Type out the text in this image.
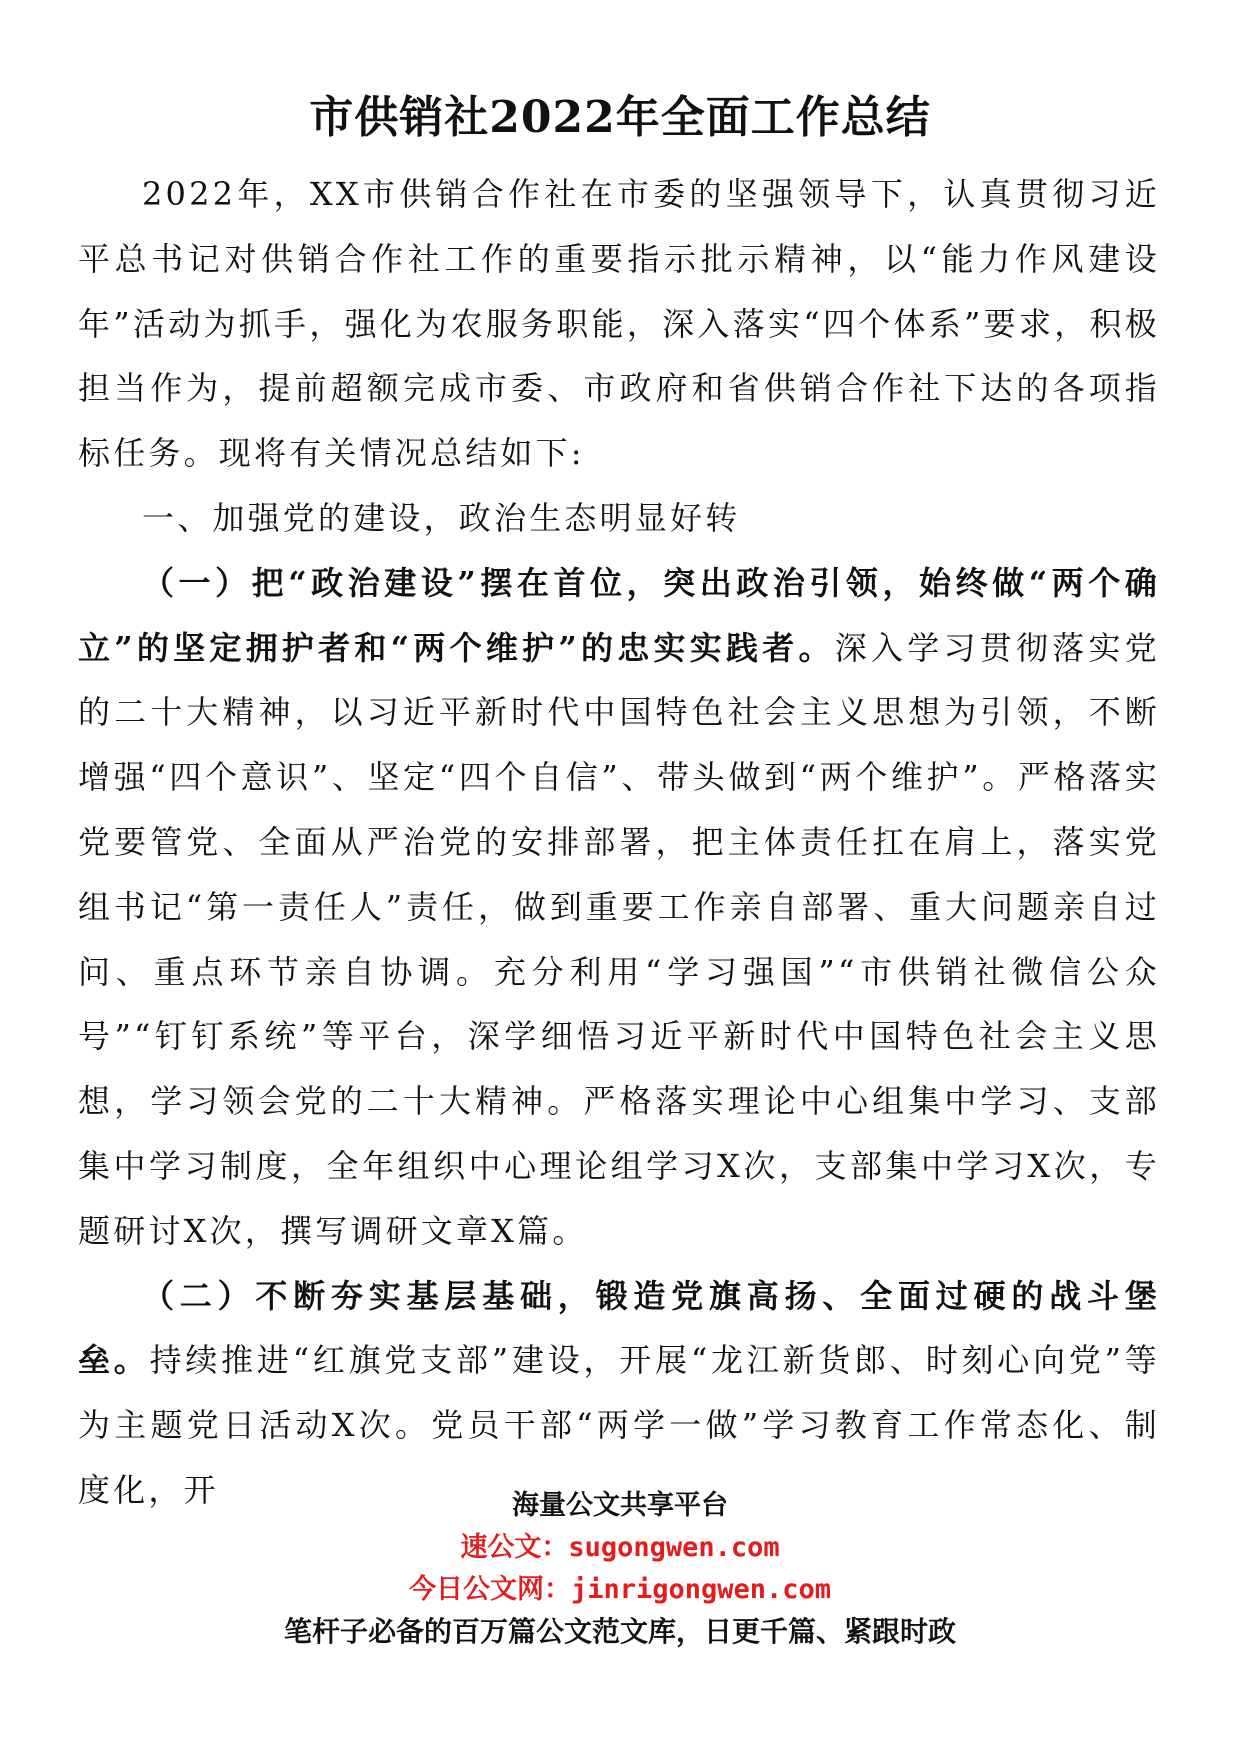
市供销社2022年全面工作总结

2022年，XX市供销合作社在市委的坚强领导下，认真贯彻习近平总书记对供销合作社工作的重要指示批示精神，以“能力作风建设年”活动为抓手，强化为农服务职能，深入落实“四个体系”要求，积极担当作为，提前超额完成市委、市政府和省供销合作社下达的各项指标任务。现将有关情况总结如下:

一、加强党的建设，政治生态明显好转

（一）把“政治建设”摆在首位，突出政治引领，始终做“两个确立”的坚定拥护者和“两个维护”的忠实实践者。深入学习贯彻落实党的二十大精神，以习近平新时代中国特色社会主义思想为引领，不断增强“四个意识”、坚定“四个自信”、带头做到“两个维护”。严格落实党要管党、全面从严治党的安排部署，把主体责任扛在肩上，落实党组书记“第一责任人”责任，做到重要工作亲自部署、重大问题亲自过问、重点环节亲自协调。充分利用“学习强国”“市供销社微信公众号”“钉钉系统”等平台，深学细悟习近平新时代中国特色社会主义思想，学习领会党的二十大精神。严格落实理论中心组集中学习、支部集中学习制度，全年组织中心理论组学习X次，支部集中学习X次，专题研讨X次，撰写调研文章X篇。

（二）不断夯实基层基础，锻造党旗高扬、全面过硬的战斗堡垒。持续推进“红旗党支部”建设，开展“龙江新货郎、时刻心向党”等为主题党日活动X次。党员干部“两学一做”学习教育工作常态化、制度化，开	海量公文共享平台
速公文：sugongwen.com
今日公文网：jinrigongwen.com
笔杆子必备的百万篇公文范文库，日更千篇、紧跟时政
